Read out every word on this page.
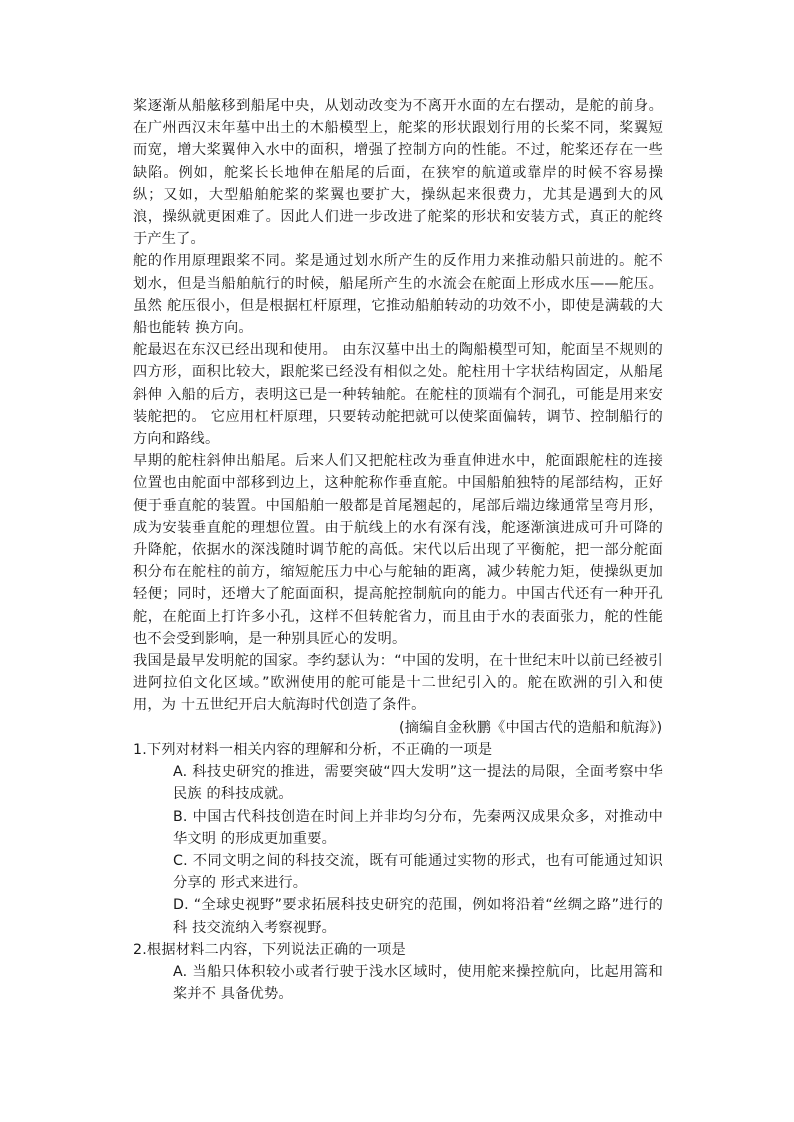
桨逐渐从船舷移到船尾中央，从划动改变为不离开水面的左右摆动，是舵的前身。在广州西汉末年墓中出土的木船模型上，舵桨的形状跟划行用的长桨不同，桨翼短而宽，增大桨翼伸入水中的面积，增强了控制方向的性能。不过，舵桨还存在一些缺陷。例如，舵桨长长地伸在船尾的后面，在狭窄的航道或靠岸的时候不容易操纵；又如，大型船舶舵桨的桨翼也要扩大，操纵起来很费力，尤其是遇到大的风浪，操纵就更困难了。因此人们进一步改进了舵桨的形状和安装方式，真正的舵终于产生了。

舵的作用原理跟桨不同。桨是通过划水所产生的反作用力来推动船只前进的。舵不 划水，但是当船舶航行的时候，船尾所产生的水流会在舵面上形成水压——舵压。虽然 舵压很小，但是根据杠杆原理，它推动船舶转动的功效不小，即使是满载的大船也能转 换方向。

舵最迟在东汉已经出现和使用。 由东汉墓中出土的陶船模型可知，舵面呈不规则的 四方形，面积比较大，跟舵桨已经没有相似之处。舵柱用十字状结构固定，从船尾斜伸 入船的后方，表明这已是一种转轴舵。在舵柱的顶端有个洞孔，可能是用来安装舵把的。 它应用杠杆原理，只要转动舵把就可以使桨面偏转，调节、控制船行的方向和路线。

早期的舵柱斜伸出船尾。后来人们又把舵柱改为垂直伸进水中，舵面跟舵柱的连接 位置也由舵面中部移到边上，这种舵称作垂直舵。中国船舶独特的尾部结构，正好便于垂直舵的装置。中国船舶一般都是首尾翘起的，尾部后端边缘通常呈弯月形，成为安装垂直舵的理想位置。由于航线上的水有深有浅，舵逐渐演进成可升可降的升降舵，依据水的深浅随时调节舵的高低。宋代以后出现了平衡舵，把一部分舵面积分布在舵柱的前方，缩短舵压力中心与舵轴的距离，减少转舵力矩，使操纵更加轻便；同时，还增大了舵面面积，提高舵控制航向的能力。中国古代还有一种开孔舵，在舵面上打许多小孔，这样不但转舵省力，而且由于水的表面张力，舵的性能也不会受到影响，是一种别具匠心的发明。

我国是最早发明舵的国家。李约瑟认为：“中国的发明，在十世纪末叶以前已经被引 进阿拉伯文化区域。”欧洲使用的舵可能是十二世纪引入的。舵在欧洲的引入和使用，为 十五世纪开启大航海时代创造了条件。

(摘编自金秋鹏《中国古代的造船和航海》)

1.下列对材料一相关内容的理解和分析，不正确的一项是

A. 科技史研究的推进，需要突破“四大发明”这一提法的局限，全面考察中华民族 的科技成就。

B. 中国古代科技创造在时间上并非均匀分布，先秦两汉成果众多，对推动中华文明 的形成更加重要。

C. 不同文明之间的科技交流，既有可能通过实物的形式，也有可能通过知识分享的 形式来进行。

D. “全球史视野”要求拓展科技史研究的范围，例如将沿着“丝绸之路”进行的科 技交流纳入考察视野。

2.根据材料二内容，下列说法正确的一项是

A. 当船只体积较小或者行驶于浅水区域时，使用舵来操控航向，比起用篙和桨并不 具备优势。
